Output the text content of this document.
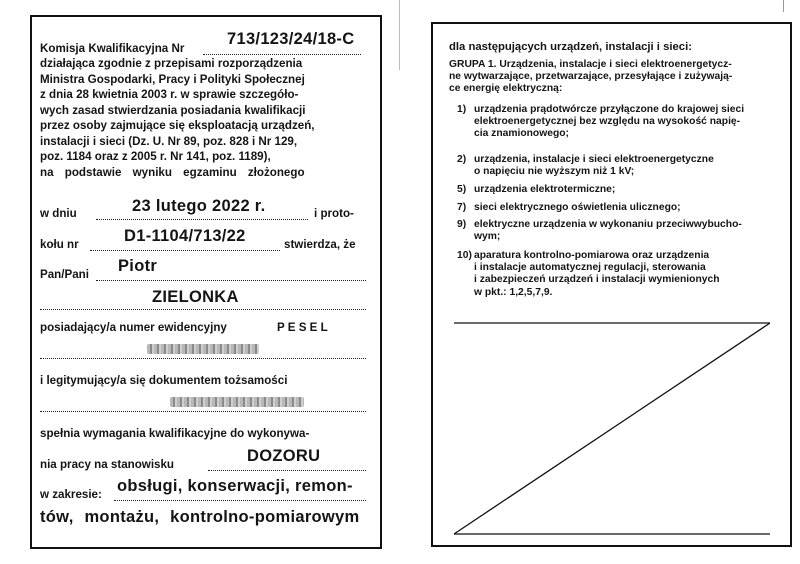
Komisja Kwalifikacyjna Nr
713/123/24/18-C
działająca zgodnie z przepisami rozporządzenia
Ministra Gospodarki, Pracy i Polityki Społecznej
z dnia 28 kwietnia 2003 r. w sprawie szczegóło-
wych zasad stwierdzania posiadania kwalifikacji
przez osoby zajmujące się eksploatacją urządzeń,
instalacji i sieci (Dz. U. Nr 89, poz. 828 i Nr 129,
poz. 1184 oraz z 2005 r. Nr 141, poz. 1189),
na podstawie wyniku egzaminu złożonego
w dniu	23 lutego 2022 r.	i proto-
kołu nr	D1-1104/713/22	stwierdza, że
Pan/Pani Piotr
ZIELONKA
posiadający/a numer ewidencyjny	P E S E L
i legitymujący/a się dokumentem tożsamości
spełnia wymagania kwalifikacyjne do wykonywa-
nia pracy na stanowisku	DOZORU
w zakresie: obsługi, konserwacji, remon-
tów, montażu, kontrolno-pomiarowym
dla następujących urządzeń, instalacji i sieci:
GRUPA 1. Urządzenia, instalacje i sieci elektroenergetycz-
ne wytwarzające, przetwarzające, przesyłające i zużywają-
ce energię elektryczną:
1) urządzenia prądotwórcze przyłączone do krajowej sieci
elektroenergetycznej bez względu na wysokość napię-
cia znamionowego;
2) urządzenia, instalacje i sieci elektroenergetyczne
o napięciu nie wyższym niż 1 kV;
5) urządzenia elektrotermiczne;
7) sieci elektrycznego oświetlenia ulicznego;
9) elektryczne urządzenia w wykonaniu przeciwwybucho-
wym;
10) aparatura kontrolno-pomiarowa oraz urządzenia
i instalacje automatycznej regulacji, sterowania
i zabezpieczeń urządzeń i instalacji wymienionych
w pkt.: 1,2,5,7,9.
